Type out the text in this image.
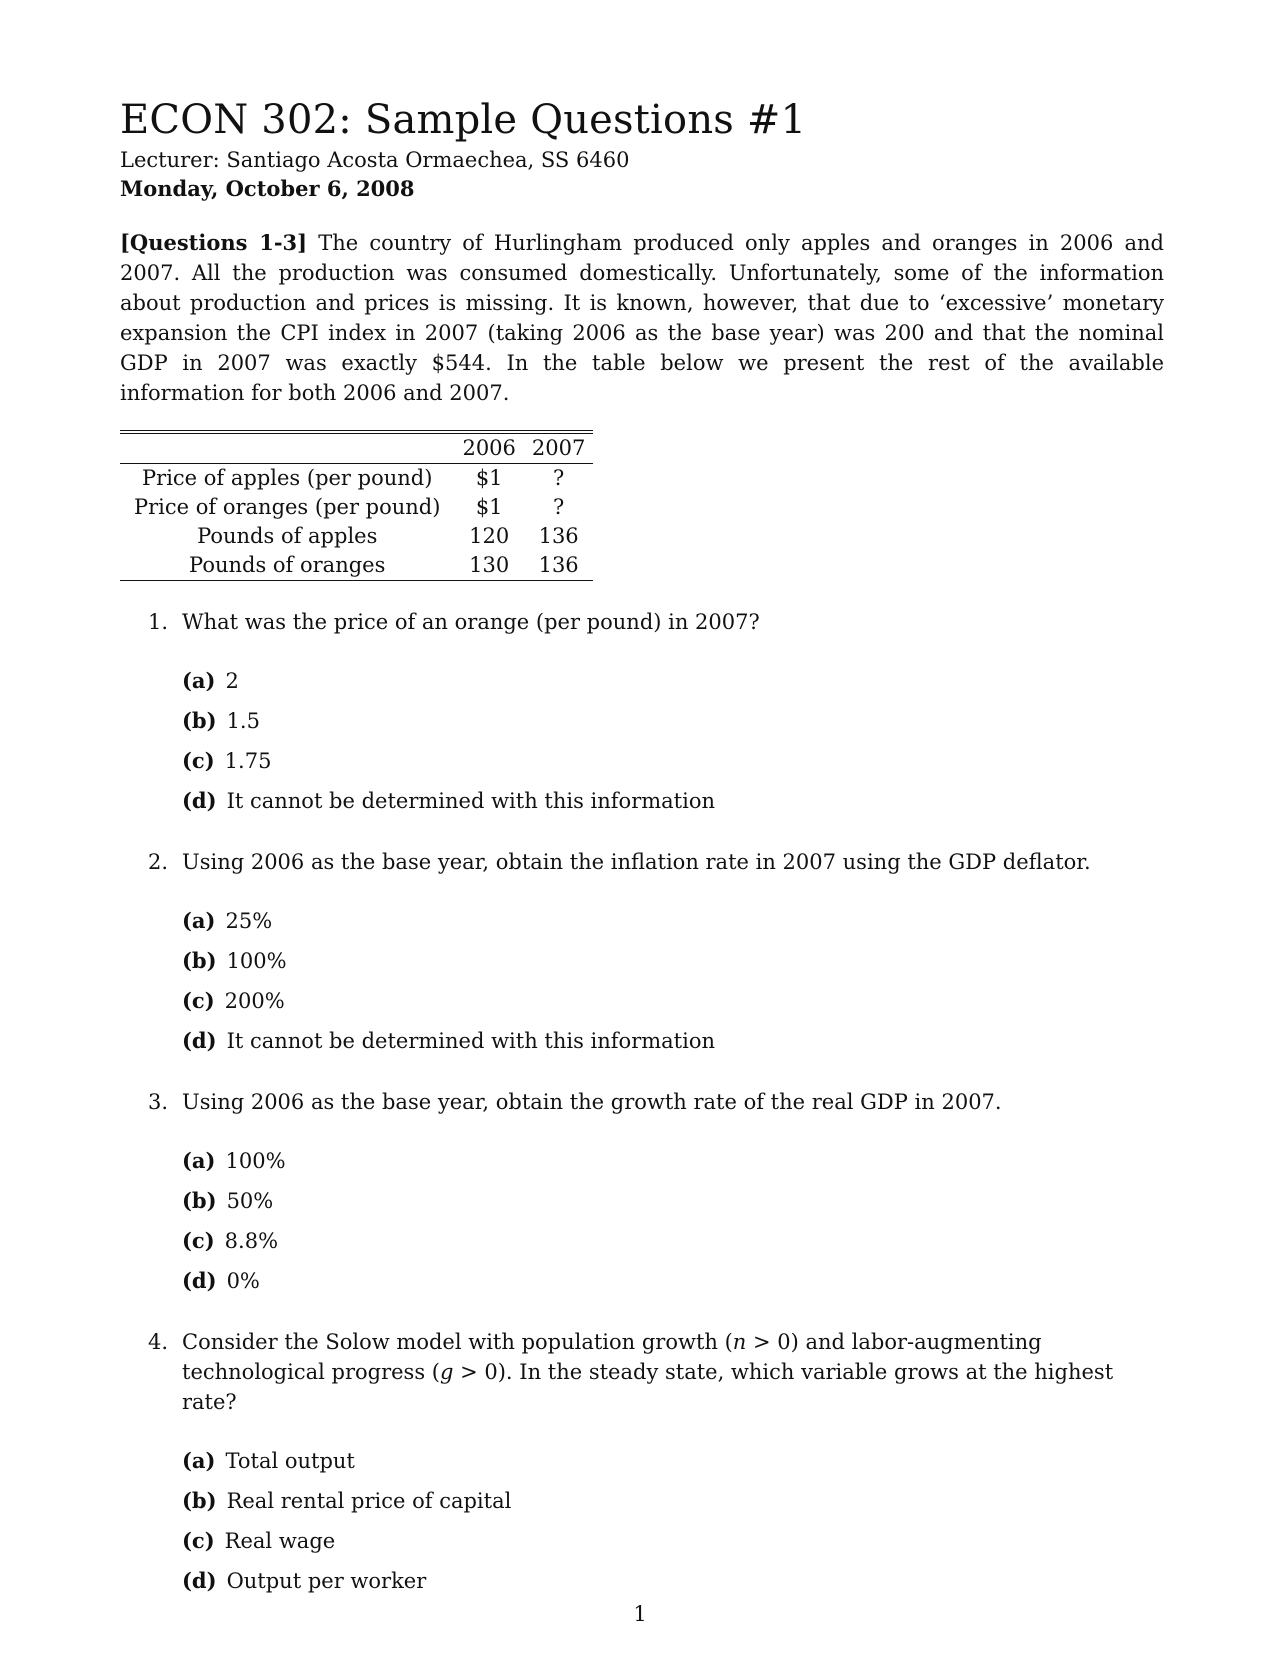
ECON 302: Sample Questions #1

Lecturer: Santiago Acosta Ormaechea, SS 6460

Monday, October 6, 2008

[Questions 1-3] The country of Hurlingham produced only apples and oranges in 2006 and 2007. All the production was consumed domestically. Unfortunately, some of the information about production and prices is missing. It is known, however, that due to ‘excessive’ monetary expansion the CPI index in 2007 (taking 2006 as the base year) was 200 and that the nominal GDP in 2007 was exactly $544. In the table below we present the rest of the available information for both 2006 and 2007.

	2006	2007
Price of apples (per pound)	$1	?
Price of oranges (per pound)	$1	?
Pounds of apples	120	136
Pounds of oranges	130	136
1. What was the price of an orange (per pound) in 2007?

(a) 2
(b) 1.5
(c) 1.75
(d) It cannot be determined with this information
2. Using 2006 as the base year, obtain the inflation rate in 2007 using the GDP deflator.

(a) 25%
(b) 100%
(c) 200%
(d) It cannot be determined with this information
3. Using 2006 as the base year, obtain the growth rate of the real GDP in 2007.

(a) 100%
(b) 50%
(c) 8.8%
(d) 0%
4. Consider the Solow model with population growth (n > 0) and labor-augmenting technological progress (g > 0). In the steady state, which variable grows at the highest rate?

(a) Total output
(b) Real rental price of capital
(c) Real wage
(d) Output per worker
1
